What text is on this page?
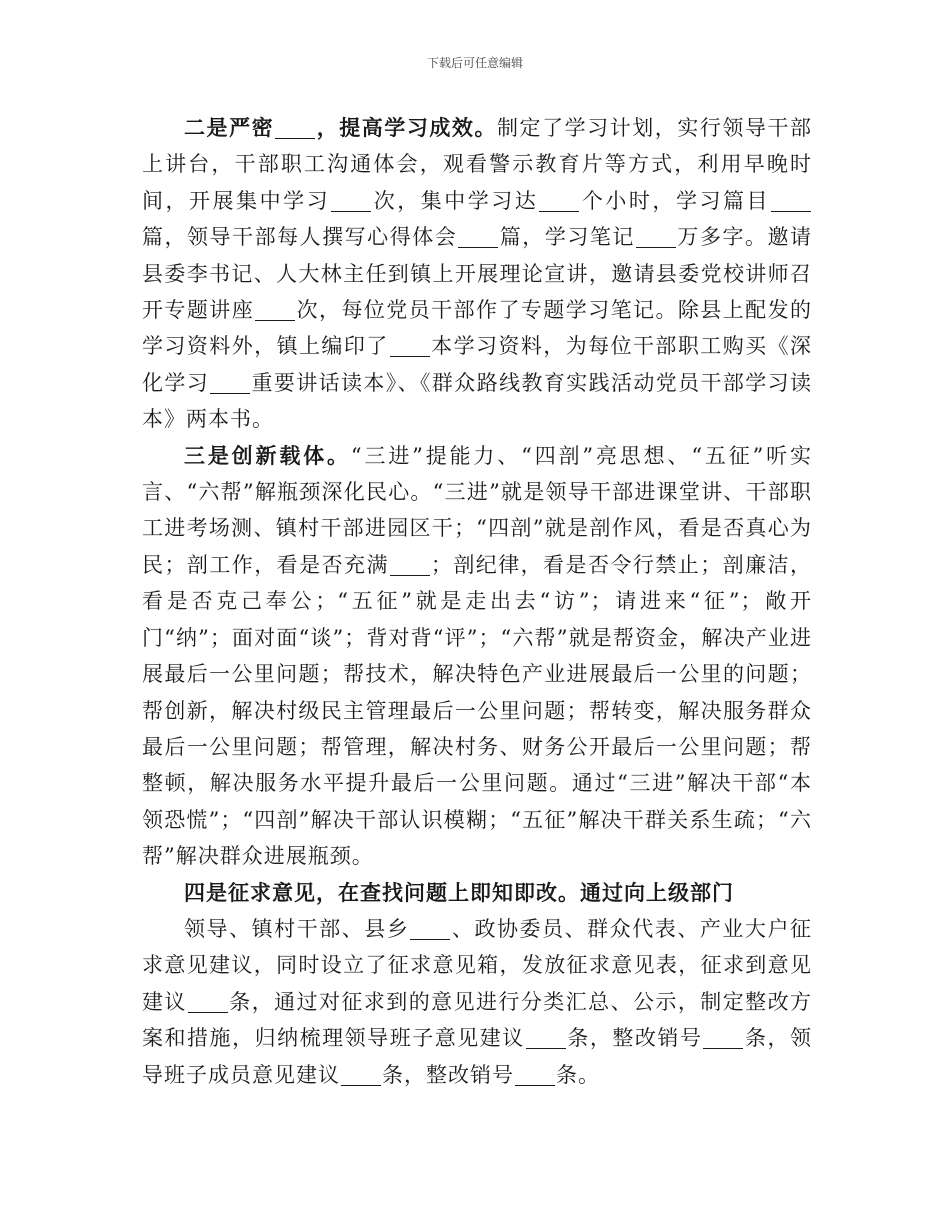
下载后可任意编辑

二是严密 ，提高学习成效。制定了学习计划，实行领导干部上讲台，干部职工沟通体会，观看警示教育片等方式，利用早晚时间，开展集中学习 次，集中学习达 个小时，学习篇目篇，领导干部每人撰写心得体会 篇，学习笔记 万多字。邀请县委李书记、人大林主任到镇上开展理论宣讲，邀请县委党校讲师召开专题讲座 次，每位党员干部作了专题学习笔记。除县上配发的学习资料外，镇上编印了 本学习资料，为每位干部职工购买《深化学习 重要讲话读本》、《群众路线教育实践活动党员干部学习读本》两本书。

三是创新载体。“三进”提能力、“四剖”亮思想、“五征”听实言、“六帮”解瓶颈深化民心。“三进”就是领导干部进课堂讲、干部职工进考场测、镇村干部进园区干；“四剖”就是剖作风，看是否真心为民；剖工作，看是否充满 ；剖纪律，看是否令行禁止；剖廉洁，看是否克己奉公；“五征”就是走出去“访”；请进来“征”；敞开门“纳”；面对面“谈”；背对背“评”；“六帮”就是帮资金，解决产业进展最后一公里问题；帮技术，解决特色产业进展最后一公里的问题；帮创新，解决村级民主管理最后一公里问题；帮转变，解决服务群众最后一公里问题；帮管理，解决村务、财务公开最后一公里问题；帮整顿，解决服务水平提升最后一公里问题。通过“三进”解决干部“本领恐慌”；“四剖”解决干部认识模糊；“五征”解决干群关系生疏；“六帮”解决群众进展瓶颈。

四是征求意见，在查找问题上即知即改。通过向上级部门

领导、镇村干部、县乡 、政协委员、群众代表、产业大户征求意见建议，同时设立了征求意见箱，发放征求意见表，征求到意见建议 条，通过对征求到的意见进行分类汇总、公示，制定整改方案和措施，归纳梳理领导班子意见建议 条，整改销号 条，领导班子成员意见建议 条，整改销号 条。
